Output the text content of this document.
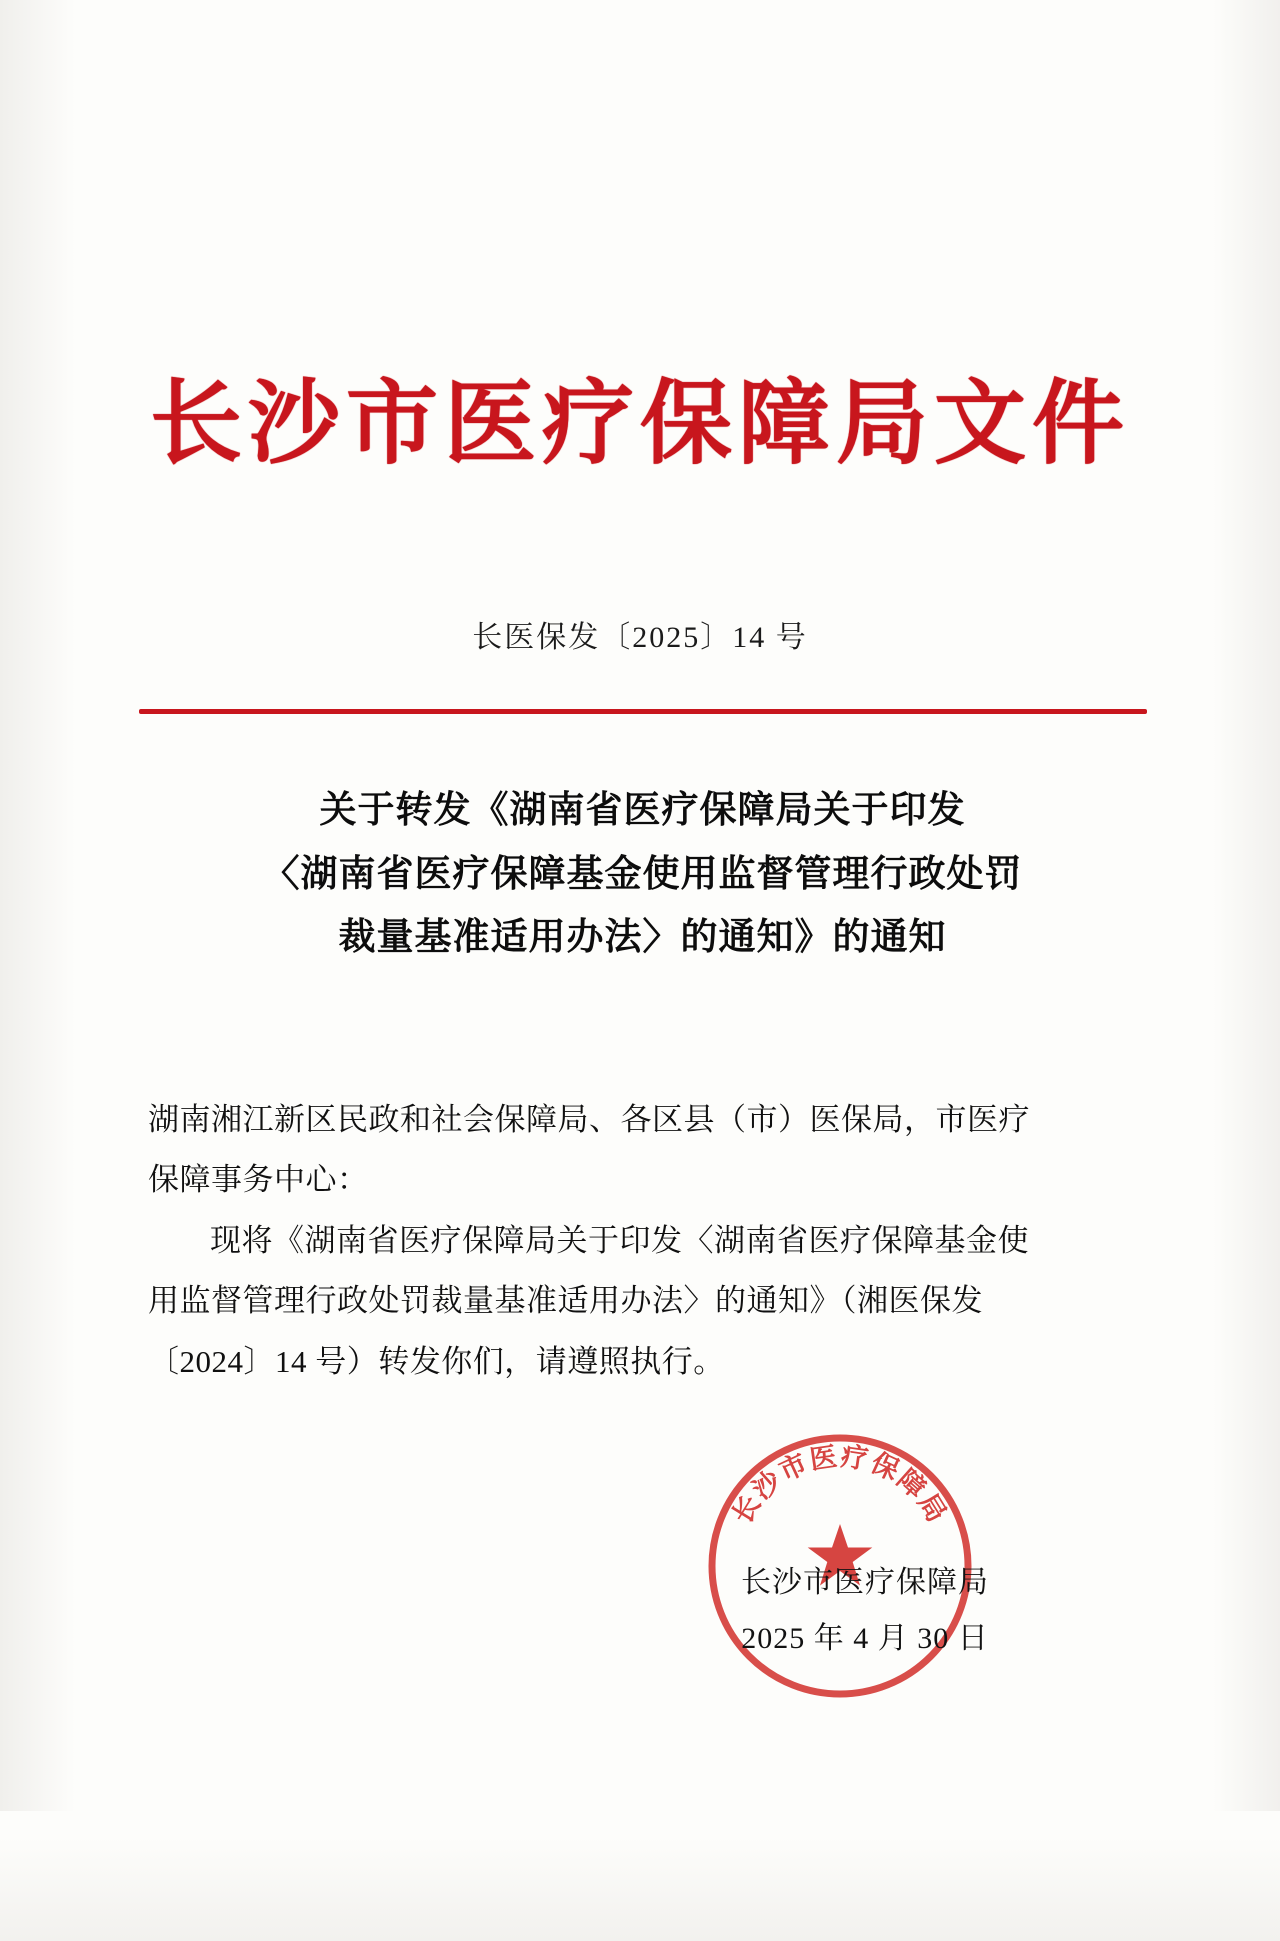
长沙市医疗保障局文件
长医保发〔2025〕14 号
关于转发《湖南省医疗保障局关于印发
〈湖南省医疗保障基金使用监督管理行政处罚
裁量基准适用办法〉的通知》的通知

湖南湘江新区民政和社会保障局、各区县（市）医保局，市医疗

保障事务中心：

现将《湖南省医疗保障局关于印发〈湖南省医疗保障基金使

用监督管理行政处罚裁量基准适用办法〉的通知》（湘医保发

〔2024〕14 号）转发你们，请遵照执行。

长沙市医疗保障局
长沙市医疗保障局
2025 年 4 月 30 日
